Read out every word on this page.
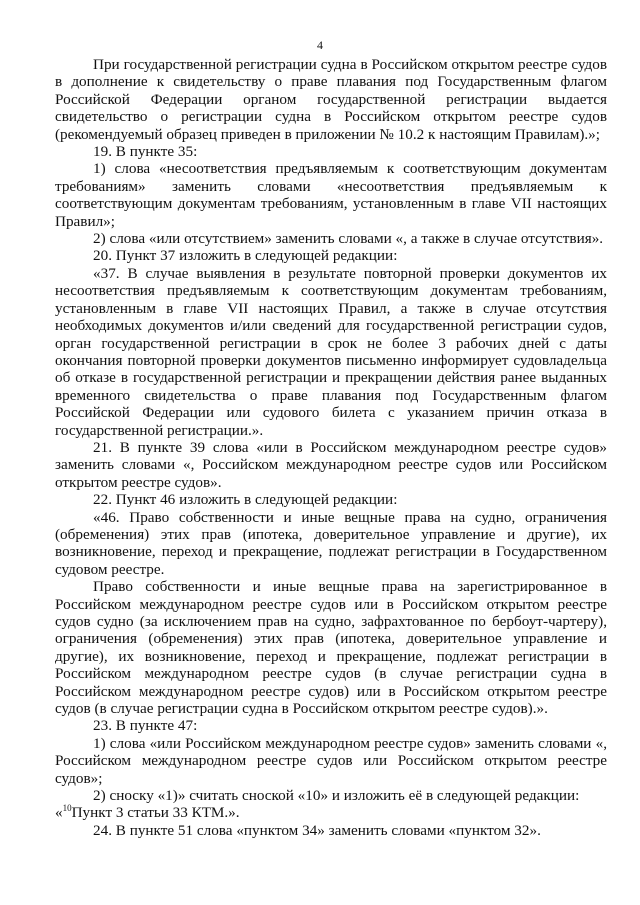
4

При государственной регистрации судна в Российском открытом реестре судов в дополнение к свидетельству о праве плавания под Государственным флагом Российской Федерации органом государственной регистрации выдается свидетельство о регистрации судна в Российском открытом реестре судов (рекомендуемый образец приведен в приложении № 10.2 к настоящим Правилам).»;

19. В пункте 35:

1) слова «несоответствия предъявляемым к соответствующим документам требованиям» заменить словами «несоответствия предъявляемым к соответствующим документам требованиям, установленным в главе VII настоящих Правил»;

2) слова «или отсутствием» заменить словами «, а также в случае отсутствия».

20. Пункт 37 изложить в следующей редакции:

«37. В случае выявления в результате повторной проверки документов их несоответствия предъявляемым к соответствующим документам требованиям, установленным в главе VII настоящих Правил, а также в случае отсутствия необходимых документов и/или сведений для государственной регистрации судов, орган государственной регистрации в срок не более 3 рабочих дней с даты окончания повторной проверки документов письменно информирует судовладельца об отказе в государственной регистрации и прекращении действия ранее выданных временного свидетельства о праве плавания под Государственным флагом Российской Федерации или судового билета с указанием причин отказа в государственной регистрации.».

21. В пункте 39 слова «или в Российском международном реестре судов» заменить словами «, Российском международном реестре судов или Российском открытом реестре судов».

22. Пункт 46 изложить в следующей редакции:

«46. Право собственности и иные вещные права на судно, ограничения (обременения) этих прав (ипотека, доверительное управление и другие), их возникновение, переход и прекращение, подлежат регистрации в Государственном судовом реестре.

Право собственности и иные вещные права на зарегистрированное в Российском международном реестре судов или в Российском открытом реестре судов судно (за исключением прав на судно, зафрахтованное по бербоут-чартеру), ограничения (обременения) этих прав (ипотека, доверительное управление и другие), их возникновение, переход и прекращение, подлежат регистрации в Российском международном реестре судов (в случае регистрации судна в Российском международном реестре судов) или в Российском открытом реестре судов (в случае регистрации судна в Российском открытом реестре судов).».

23. В пункте 47:

1) слова «или Российском международном реестре судов» заменить словами «, Российском международном реестре судов или Российском открытом реестре судов»;

2) сноску «1)» считать сноской «10» и изложить её в следующей редакции:

«$^{10}$Пункт 3 статьи 33 КТМ.».

24. В пункте 51 слова «пунктом 34» заменить словами «пунктом 32».
